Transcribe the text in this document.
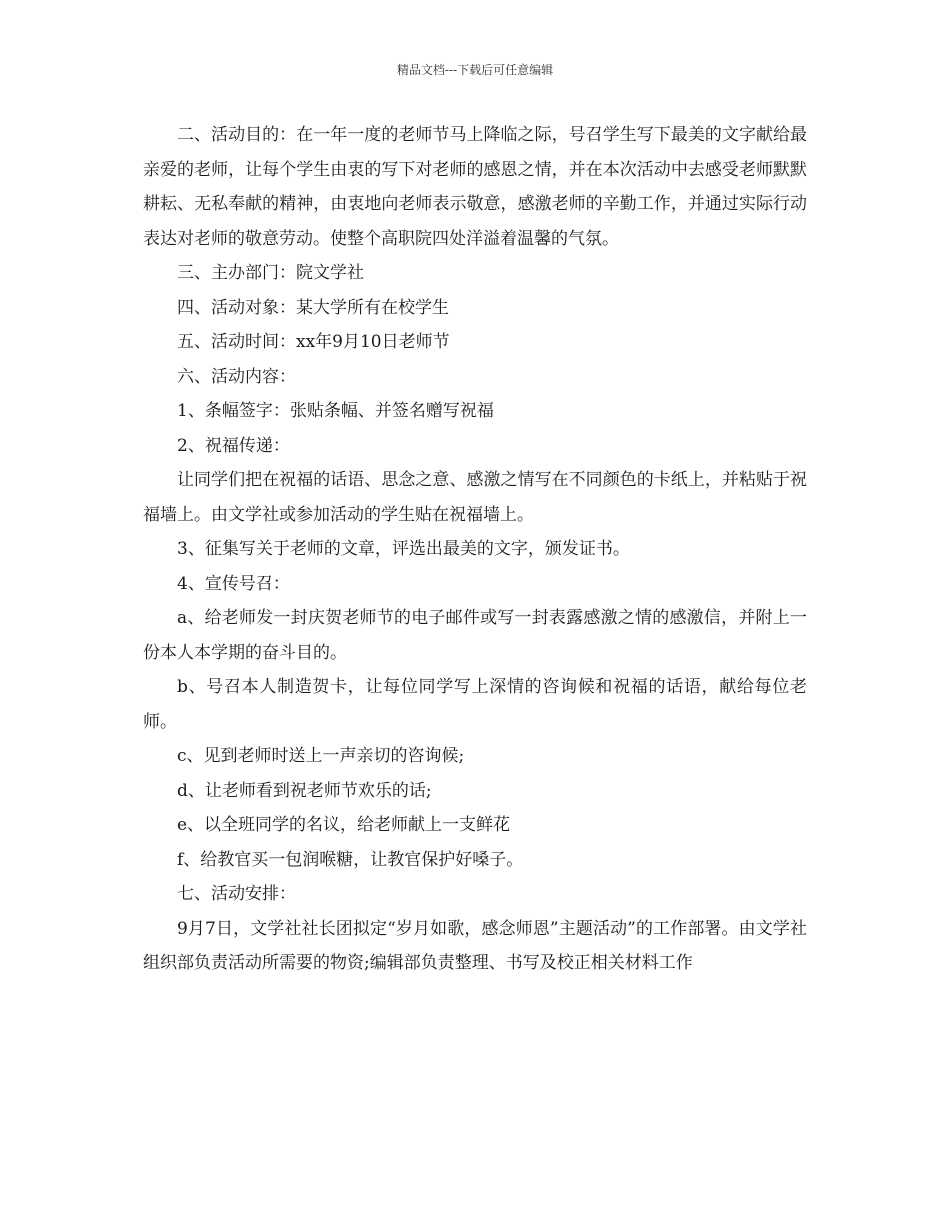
精品文档---下载后可任意编辑

二、活动目的：在一年一度的老师节马上降临之际，号召学生写下最美的文字献给最亲爱的老师，让每个学生由衷的写下对老师的感恩之情，并在本次活动中去感受老师默默耕耘、无私奉献的精神，由衷地向老师表示敬意，感激老师的辛勤工作，并通过实际行动表达对老师的敬意劳动。使整个高职院四处洋溢着温馨的气氛。

三、主办部门：院文学社

四、活动对象：某大学所有在校学生

五、活动时间：xx年9月10日老师节

六、活动内容：

1、条幅签字：张贴条幅、并签名赠写祝福

2、祝福传递：

让同学们把在祝福的话语、思念之意、感激之情写在不同颜色的卡纸上，并粘贴于祝福墙上。由文学社或参加活动的学生贴在祝福墙上。

3、征集写关于老师的文章，评选出最美的文字，颁发证书。

4、宣传号召：

a、给老师发一封庆贺老师节的电子邮件或写一封表露感激之情的感激信，并附上一份本人本学期的奋斗目的。

b、号召本人制造贺卡，让每位同学写上深情的咨询候和祝福的话语，献给每位老师。

c、见到老师时送上一声亲切的咨询候;

d、让老师看到祝老师节欢乐的话;

e、以全班同学的名议，给老师献上一支鲜花

f、给教官买一包润喉糖，让教官保护好嗓子。

七、活动安排：

9月7日，文学社社长团拟定“岁月如歌，感念师恩”主题活动”的工作部署。由文学社组织部负责活动所需要的物资;编辑部负责整理、书写及校正相关材料工作
